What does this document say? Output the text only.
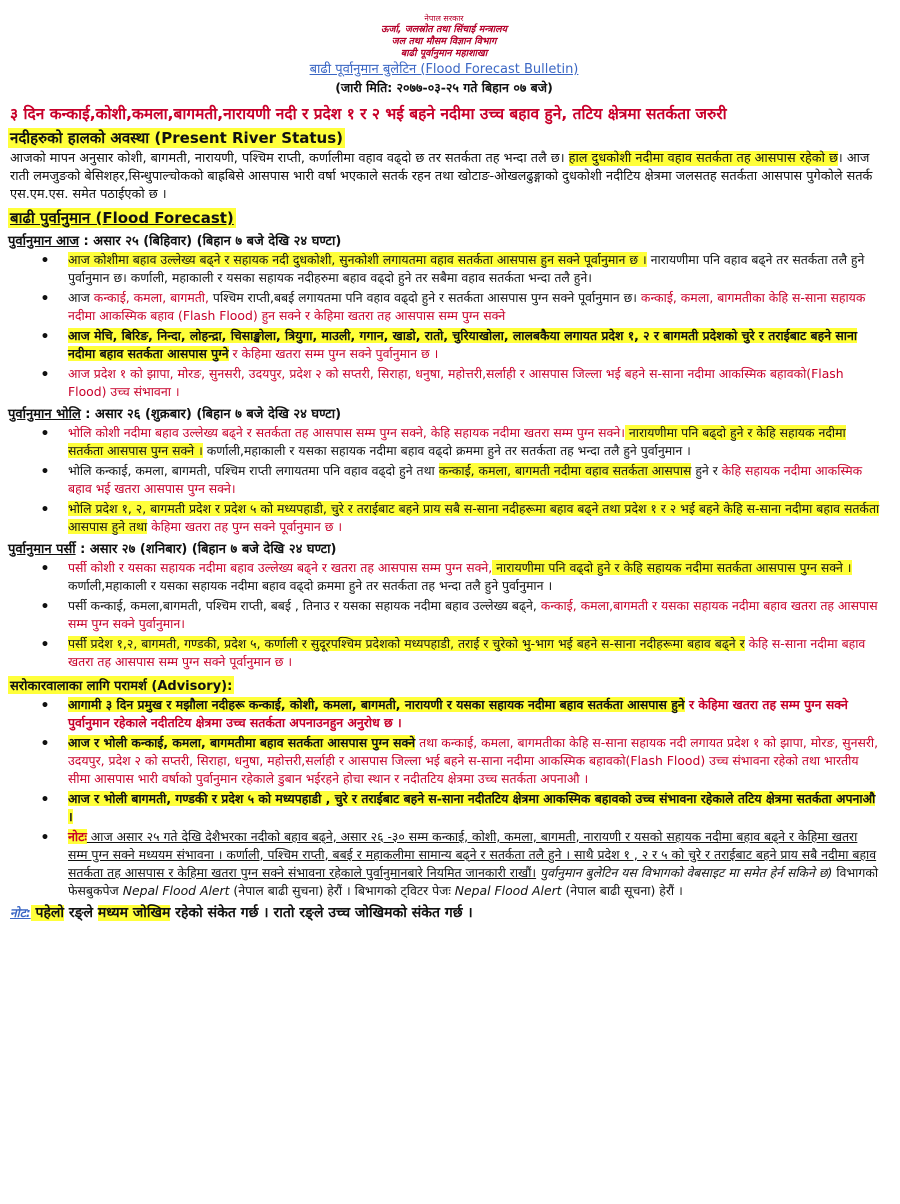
नेपाल सरकार
ऊर्जा, जलस्रोत तथा सिंचाई मन्त्रालय
जल तथा मौसम विज्ञान विभाग
बाढी पूर्वानुमान महाशाखा
बाढी पूर्वानुमान बुलेटिन (Flood Forecast Bulletin)
(जारी मिति: २०७७-०३-२५ गते बिहान ०७ बजे)
३ दिन कन्काई,कोशी,कमला,बागमती,नारायणी नदी र प्रदेश १ र २ भई बहने नदीमा उच्च बहाव हुने, तटिय क्षेत्रमा सतर्कता जरुरी
नदीहरुको हालको अवस्था (Present River Status)

आजको मापन अनुसार कोशी, बागमती, नारायणी, पश्चिम राप्ती, कर्णालीमा वहाव वढ्दो छ तर सतर्कता तह भन्दा तलै छ। हाल दुधकोशी नदीमा वहाव सतर्कता तह आसपास रहेको छ। आज राती लमजुङको बेसिशहर,सिन्धुपाल्चोकको बाह्रबिसे आसपास भारी वर्षा भएकाले सतर्क रहन तथा खोटाङ-ओखलढुङ्गाको दुधकोशी नदीटिय क्षेत्रमा जलसतह सतर्कता आसपास पुगेकोले सतर्क एस.एम.एस. समेत पठाईएको छ ।

बाढी पुर्वानुमान (Flood Forecast)
पुर्वानुमान आज : असार २५ (बिहिवार) (बिहान ७ बजे देखि २४ घण्टा)
• आज कोशीमा बहाव उल्लेख्य बढ्ने र सहायक नदी दुधकोशी, सुनकोशी लगायतमा वहाव सतर्कता आसपास हुन सक्ने पूर्वानुमान छ । नारायणीमा पनि वहाव बढ्ने तर सतर्कता तलै हुने पुर्वानुमान छ। कर्णाली, महाकाली र यसका सहायक नदीहरुमा बहाव वढ्दो हुने तर सबैमा वहाव सतर्कता भन्दा तलै हुने।
• आज कन्काई, कमला, बागमती, पश्चिम राप्ती,बबई लगायतमा पनि वहाव वढ्दो हुने र सतर्कता आसपास पुग्न सक्ने पूर्वानुमान छ। कन्काई, कमला, बागमतीका केहि स-साना सहायक नदीमा आकस्मिक बहाव (Flash Flood) हुन सक्ने र केहिमा खतरा तह आसपास सम्म पुग्न सक्ने
• आज मेचि, बिरिङ, निन्दा, लोहन्द्रा, चिसाङ्खोला, त्रियुगा, माउली, गगान, खाडो, रातो, चुरियाखोला, लालबकैया लगायत प्रदेश १, २ र बागमती प्रदेशको चुरे र तराईबाट बहने साना नदीमा बहाव सतर्कता आसपास पुग्ने र केहिमा खतरा सम्म पुग्न सक्ने पुर्वानुमान छ ।
• आज प्रदेश १ को झापा, मोरङ, सुनसरी, उदयपुर, प्रदेश २ को सप्तरी, सिराहा, धनुषा, महोत्तरी,सर्लाही र आसपास जिल्ला भई बहने स-साना नदीमा आकस्मिक बहावको(Flash Flood) उच्च संभावना ।
पुर्वानुमान भोलि : असार २६ (शुक्रबार) (बिहान ७ बजे देखि २४ घण्टा)
• भोलि कोशी नदीमा बहाव उल्लेख्य बढ्ने र सतर्कता तह आसपास सम्म पुग्न सक्ने, केहि सहायक नदीमा खतरा सम्म पुग्न सक्ने। नारायणीमा पनि बढ्दो हुने र केहि सहायक नदीमा सतर्कता आसपास पुग्न सक्ने । कर्णाली,महाकाली र यसका सहायक नदीमा बहाव वढ्दो क्रममा हुने तर सतर्कता तह भन्दा तलै हुने पुर्वानुमान ।
• भोलि कन्काई, कमला, बागमती, पश्चिम राप्ती लगायतमा पनि वहाव वढ्दो हुने तथा कन्काई, कमला, बागमती नदीमा वहाव सतर्कता आसपास हुने र केहि सहायक नदीमा आकस्मिक बहाव भई खतरा आसपास पुग्न सक्ने।
• भोलि प्रदेश १, २, बागमती प्रदेश र प्रदेश ५ को मध्यपहाडी, चुरे र तराईबाट बहने प्राय सबै स-साना नदीहरूमा बहाव बढ्ने तथा प्रदेश १ र २ भई बहने केहि स-साना नदीमा बहाव सतर्कता आसपास हुने तथा केहिमा खतरा तह पुग्न सक्ने पूर्वानुमान छ ।
पुर्वानुमान पर्सी : असार २७ (शनिबार) (बिहान ७ बजे देखि २४ घण्टा)
• पर्सी कोशी र यसका सहायक नदीमा बहाव उल्लेख्य बढ्ने र खतरा तह आसपास सम्म पुग्न सक्ने, नारायणीमा पनि वढ्दो हुने र केहि सहायक नदीमा सतर्कता आसपास पुग्न सक्ने । कर्णाली,महाकाली र यसका सहायक नदीमा बहाव वढ्दो क्रममा हुने तर सतर्कता तह भन्दा तलै हुने पुर्वानुमान ।
• पर्सी कन्काई, कमला,बागमती, पश्चिम राप्ती, बबई , तिनाउ र यसका सहायक नदीमा बहाव उल्लेख्य बढ्ने, कन्काई, कमला,बागमती र यसका सहायक नदीमा बहाव खतरा तह आसपास सम्म पुग्न सक्ने पुर्वानुमान।
• पर्सी प्रदेश १,२, बागमती, गण्डकी, प्रदेश ५, कर्णाली र सुदूरपश्चिम प्रदेशको मध्यपहाडी, तराई र चुरेको भु-भाग भई बहने स-साना नदीहरूमा बहाव बढ्ने र केहि स-साना नदीमा बहाव खतरा तह आसपास सम्म पुग्न सक्ने पूर्वानुमान छ ।
सरोकारवालाका लागि परामर्श (Advisory):
• आगामी ३ दिन प्रमुख र मझौला नदीहरू कन्काई, कोशी, कमला, बागमती, नारायणी र यसका सहायक नदीमा बहाव सतर्कता आसपास हुने र केहिमा खतरा तह सम्म पुग्न सक्ने पुर्वानुमान रहेकाले नदीतटिय क्षेत्रमा उच्च सतर्कता अपनाउनहुन अनुरोध छ ।
• आज र भोली कन्काई, कमला, बागमतीमा बहाव सतर्कता आसपास पुग्न सक्ने तथा कन्काई, कमला, बागमतीका केहि स-साना सहायक नदी लगायत प्रदेश १ को झापा, मोरङ, सुनसरी, उदयपुर, प्रदेश २ को सप्तरी, सिराहा, धनुषा, महोत्तरी,सर्लाही र आसपास जिल्ला भई बहने स-साना नदीमा आकस्मिक बहावको(Flash Flood) उच्च संभावना रहेको तथा भारतीय सीमा आसपास भारी वर्षाको पुर्वानुमान रहेकाले डुबान भईरहने होचा स्थान र नदीतटिय क्षेत्रमा उच्च सतर्कता अपनाऔ ।
• आज र भोली बागमती, गण्डकी र प्रदेश ५ को मध्यपहाडी , चुरे र तराईबाट बहने स-साना नदीतटिय क्षेत्रमा आकस्मिक बहावको उच्च संभावना रहेकाले तटिय क्षेत्रमा सतर्कता अपनाऔ ।
• नोटः आज असार २५ गते देखि देशैभरका नदीको बहाव बढ्ने, असार २६ -३० सम्म कन्काई, कोशी, कमला, बागमती, नारायणी र यसको सहायक नदीमा बहाव बढ्ने र केहिमा खतरा सम्म पुग्न सक्ने मध्ययम संभावना । कर्णाली, पश्चिम राप्ती, बबई र महाकलीमा सामान्य बढ्ने र सतर्कता तलै हुने । साथै प्रदेश १ , २ र ५ को चुरे र तराईबाट बहने प्राय सबै नदीमा बहाव सतर्कता तह आसपास र केहिमा खतरा पुग्न सक्ने संभावना रहेकाले पुर्वानुमानबारे नियमित जानकारी राखौं। पुर्वानुमान बुलेटिन यस विभागको वेबसाइट मा समेत हेर्न सकिने छ) विभागको फेसबुकपेज Nepal Flood Alert (नेपाल बाढी सुचना) हेरौं । बिभागको ट्विटर पेजः Nepal Flood Alert (नेपाल बाढी सूचना) हेरौं ।
नोट: पहेलो रङ्ले मध्यम जोखिम रहेको संकेत गर्छ । रातो रङ्ले उच्च जोखिमको संकेत गर्छ ।
